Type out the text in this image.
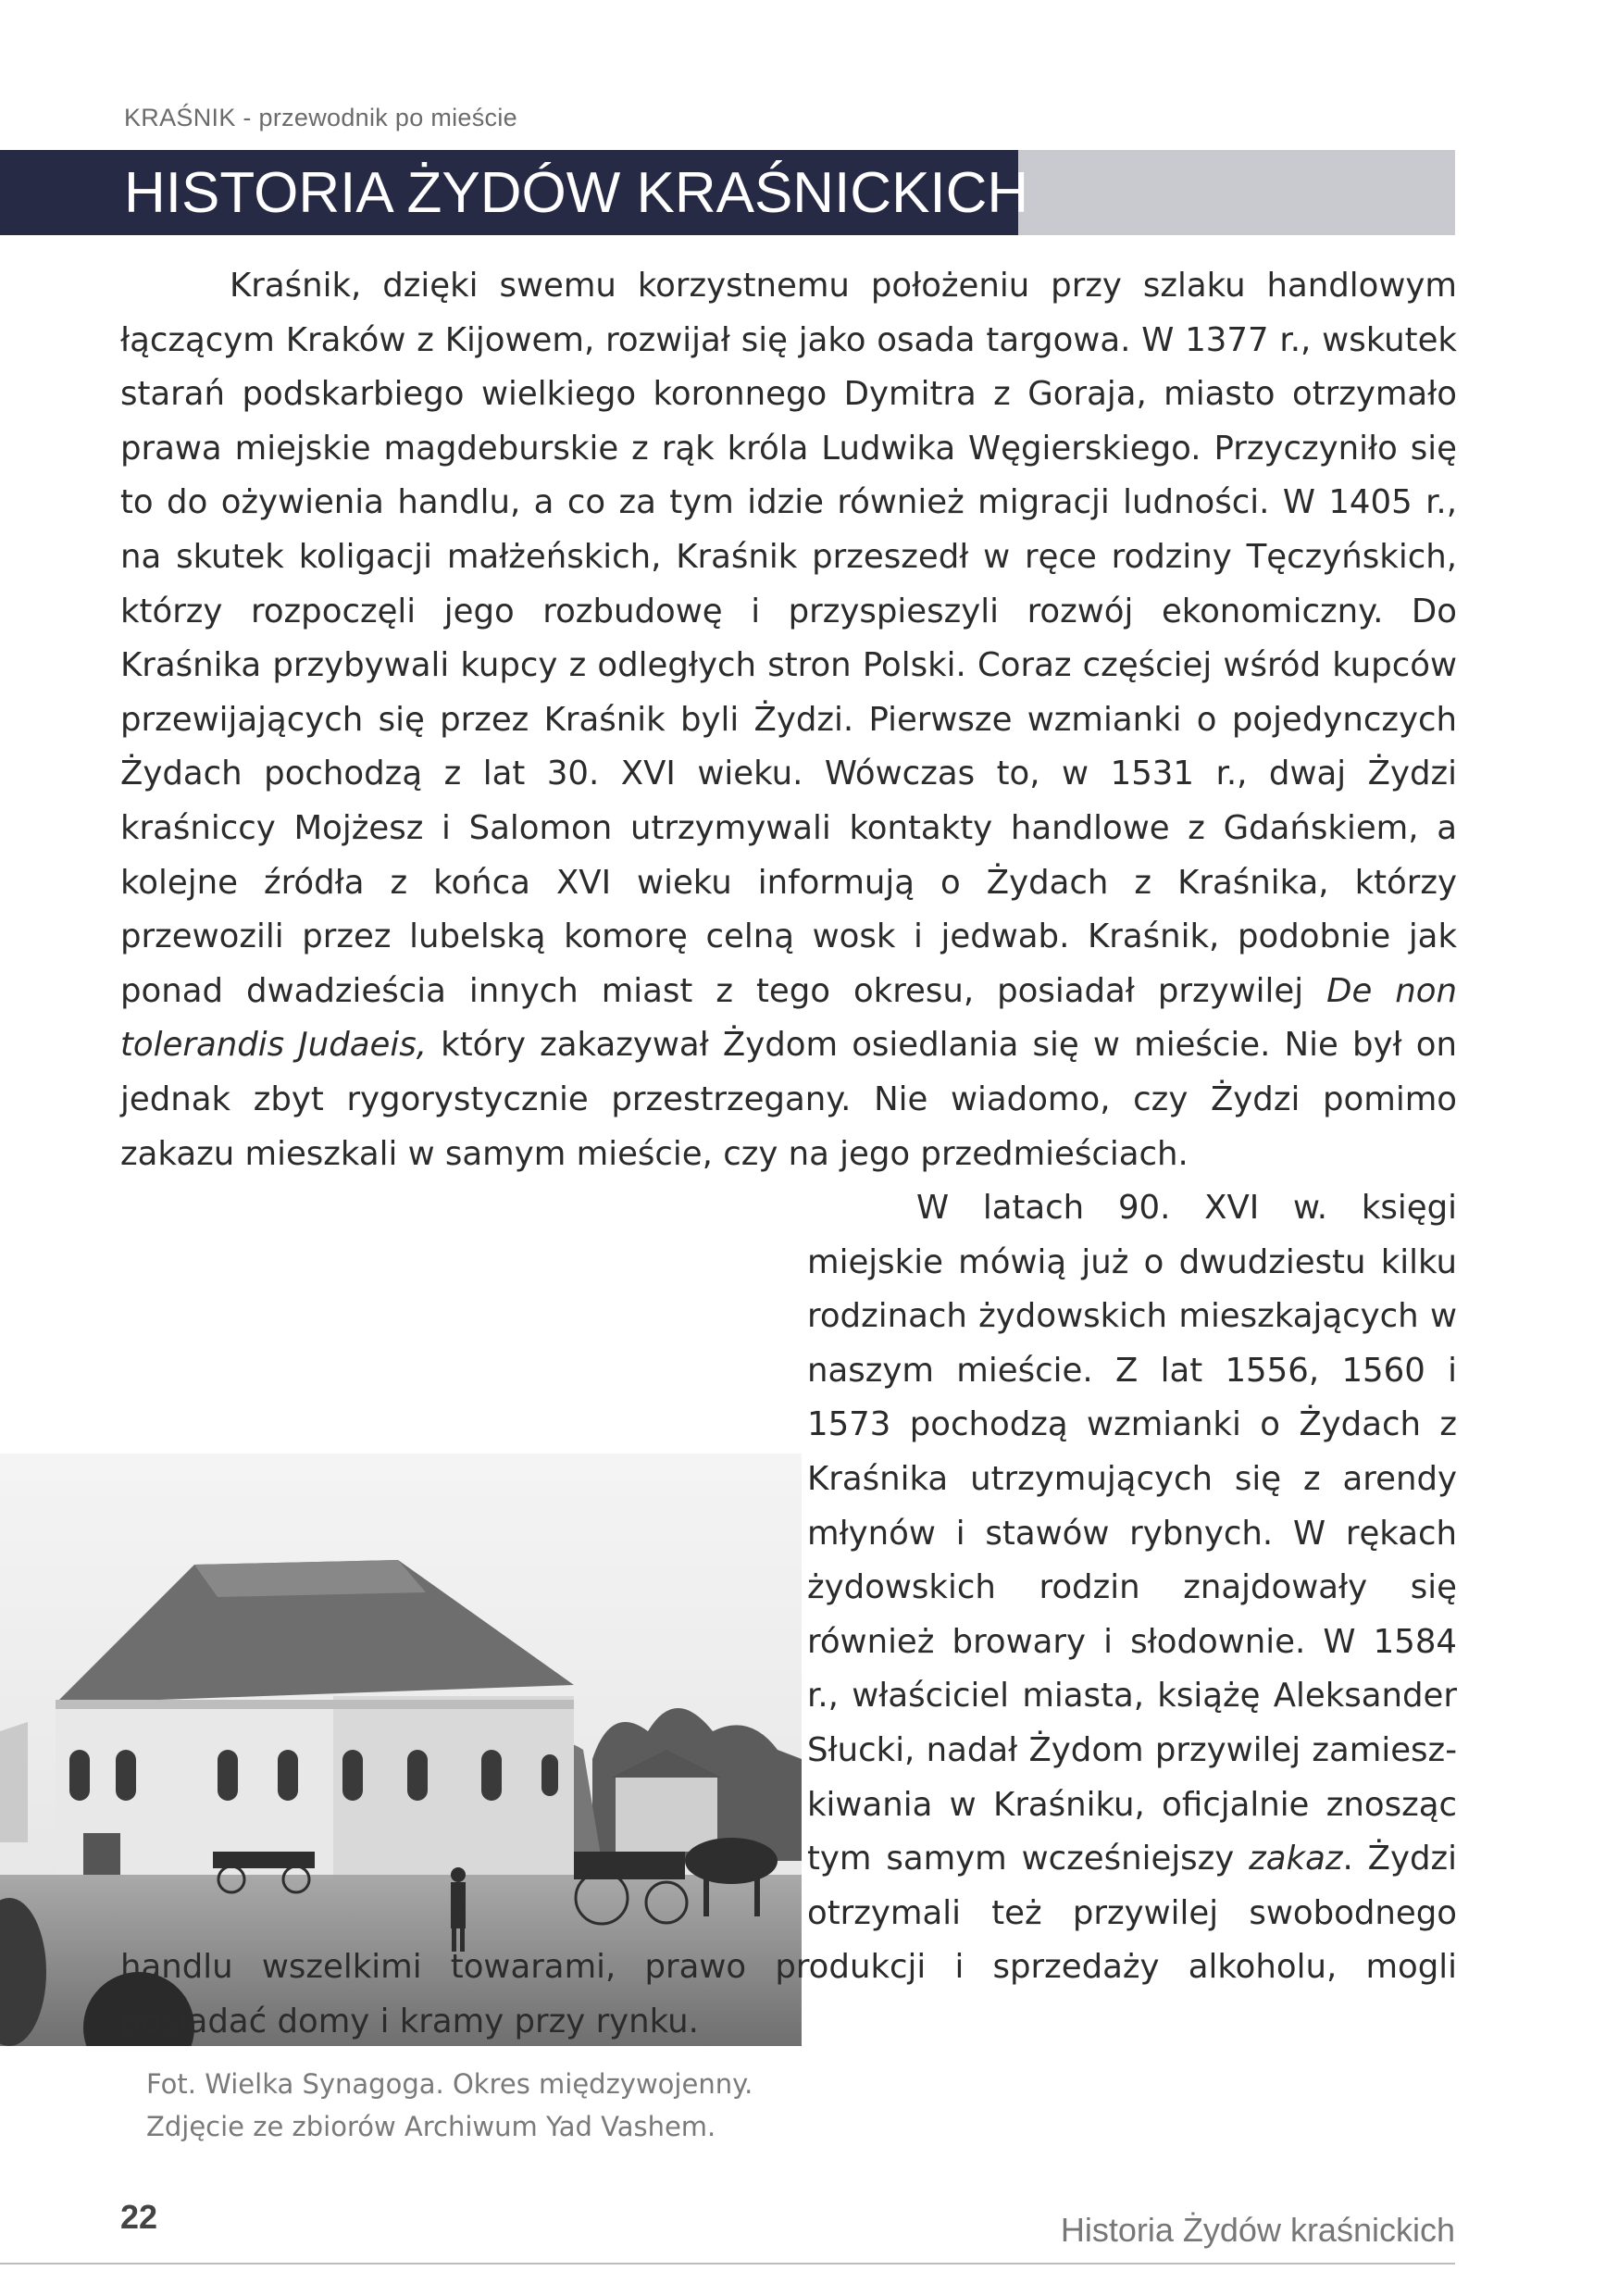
KRAŚNIK - przewodnik po mieście
HISTORIA ŻYDÓW KRAŚNICKICH

Kraśnik, dzięki swemu korzystnemu położeniu przy szlaku handlowym łączącym Kraków z Kijowem, rozwijał się jako osada targowa. W 1377 r., wskutek starań podskarbiego wielkiego koronnego Dymitra z Goraja, miasto otrzymało prawa miejskie magdeburskie z rąk króla Ludwika Węgierskiego. Przyczyniło się to do ożywienia handlu, a co za tym idzie również migracji ludności. W 1405 r., na skutek koligacji małżeńskich, Kraśnik przeszedł w ręce rodziny Tęczyńskich, którzy rozpoczęli jego rozbudowę i przyspieszyli rozwój ekonomiczny. Do Kraśnika przybywali kupcy z odległych stron Polski. Coraz częściej wśród kupców przewijających się przez Kraśnik byli Żydzi. Pierwsze wzmianki o pojedynczych Żydach pochodzą z lat 30. XVI wieku. Wówczas to, w 1531 r., dwaj Żydzi kraśniccy Mojżesz i Salomon utrzymywali kontakty handlowe z Gdańskiem, a kolejne źródła z końca XVI wieku informują o Żydach z Kraśnika, którzy przewozili przez lubelską komorę celną wosk i jedwab. Kraśnik, podobnie jak ponad dwadzieścia innych miast z tego okresu, posiadał przywilej De non tolerandis Judaeis, który zakazywał Żydom osiedlania się w mieście. Nie był on jednak zbyt rygorystycznie przestrzegany. Nie wiadomo, czy Żydzi pomimo zakazu mieszkali w samym mieście, czy na jego przedmieściach.

W latach 90. XVI w. księgi miejskie mówią już o dwudziestu kilku rodzinach żydowskich mieszkających w naszym mieście. Z lat 1556, 1560 i 1573 pochodzą wzmianki o Żydach z Kraśnika utrzymujących się z arendy młynów i stawów rybnych. W rękach żydowskich rodzin znajdowały się również browary i słodownie. W 1584 r., właściciel miasta, książę Aleksander Słucki, nadał Żydom przywilej zamieszkiwania w Kraśniku, oficjalnie znosząc tym samym wcześniejszy zakaz. Żydzi otrzymali też przywilej swobodnego handlu wszelkimi towarami, prawo produkcji i sprzedaży alkoholu, mogli posiadać domy i kramy przy rynku.

Fot. Wielka Synagoga. Okres międzywojenny.
Zdjęcie ze zbiorów Archiwum Yad Vashem.
22	Historia Żydów kraśnickich
